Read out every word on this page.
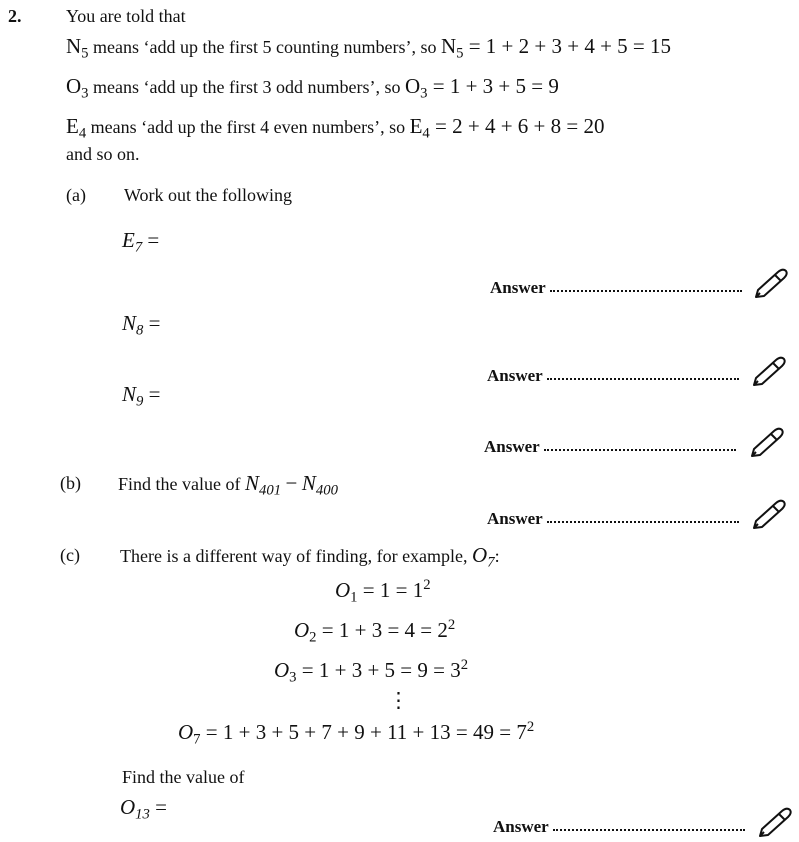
2. You are told that
$N_5$ means ‘add up the first 5 counting numbers’, so $N_5 = 1 + 2 + 3 + 4 + 5 = 15$
$O_3$ means ‘add up the first 3 odd numbers’, so $O_3 = 1 + 3 + 5 = 9$
$E_4$ means ‘add up the first 4 even numbers’, so $E_4 = 2 + 4 + 6 + 8 = 20$
and so on.
(a) Work out the following
$E_7$ =
$N_8$ =
$N_9$ =
Answer
Answer
Answer
(b) Find the value of $N_{401} - N_{400}$
Answer
(c) There is a different way of finding, for example, $O_7$:
$O_1 = 1 = 1^2$
$O_2 = 1 + 3 = 4 = 2^2$
$O_3 = 1 + 3 + 5 = 9 = 3^2$
⋮
$O_7 = 1 + 3 + 5 + 7 + 9 + 11 + 13 = 49 = 7^2$
Find the value of
$O_{13}$ =
Answer
